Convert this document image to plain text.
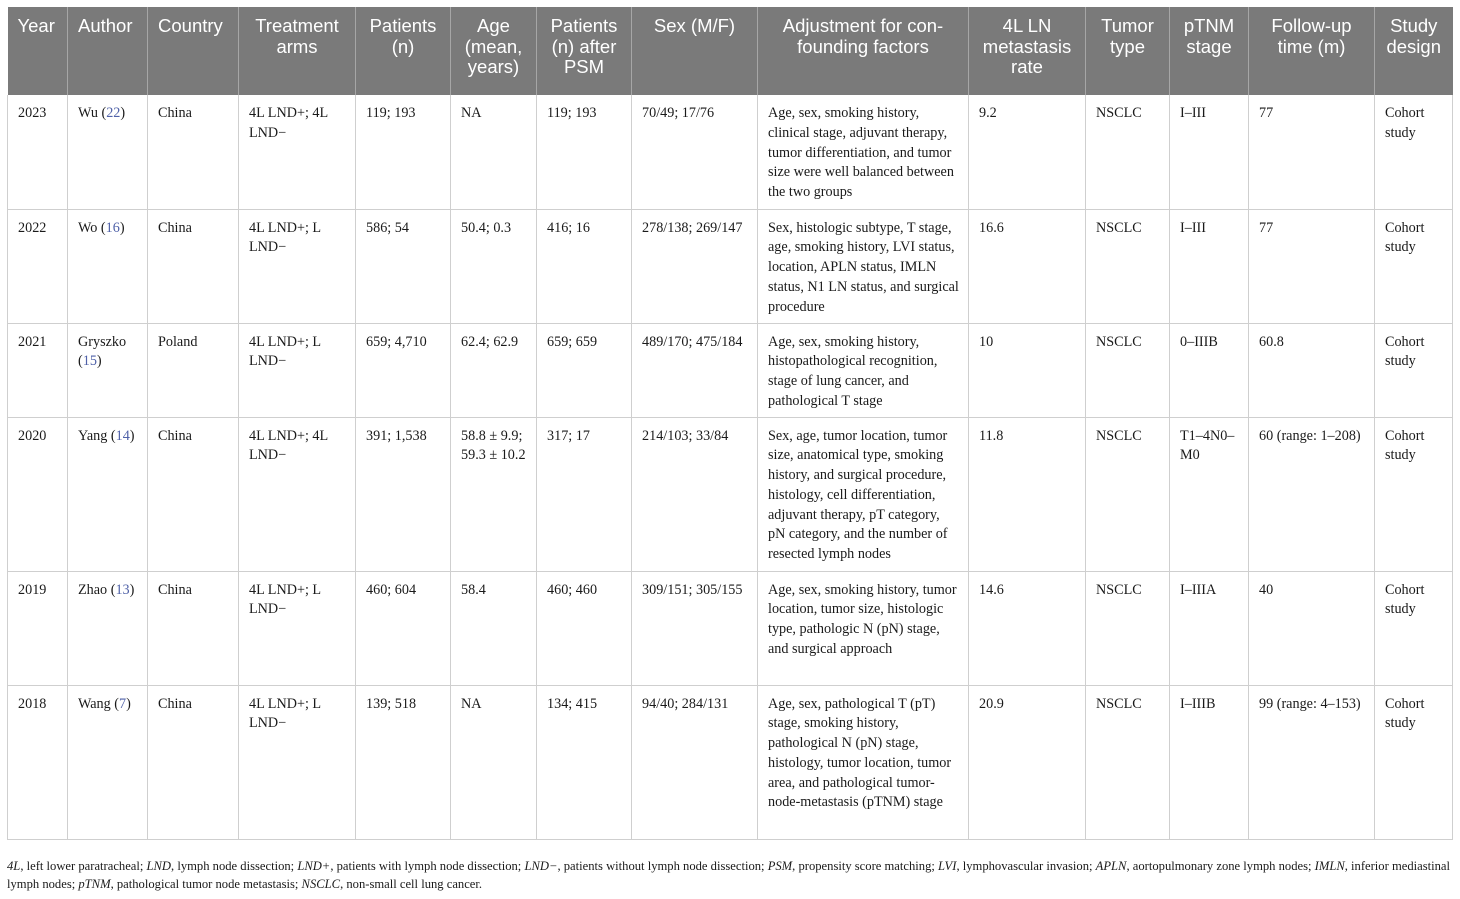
Year	Author	Country	Treatment arms	Patients (n)	Age (mean, years)	Patients (n) after PSM	Sex (M/F)	Adjustment for con-founding factors	4L LN metastasis rate	Tumor type	pTNM stage	Follow-up time (m)	Study design
2023	Wu (22)	China	4L LND+; 4L LND−	119; 193	NA	119; 193	70/49; 17/76	Age, sex, smoking history, clinical stage, adjuvant therapy, tumor differentiation, and tumor size were well balanced between the two groups	9.2	NSCLC	I–III	77	Cohort study
2022	Wo (16)	China	4L LND+; L LND−	586; 54	50.4; 0.3	416; 16	278/138; 269/147	Sex, histologic subtype, T stage, age, smoking history, LVI status, location, APLN status, IMLN status, N1 LN status, and surgical procedure	16.6	NSCLC	I–III	77	Cohort study
2021	Gryszko (15)	Poland	4L LND+; L LND−	659; 4,710	62.4; 62.9	659; 659	489/170; 475/184	Age, sex, smoking history, histopathological recognition, stage of lung cancer, and pathological T stage	10	NSCLC	0–IIIB	60.8	Cohort study
2020	Yang (14)	China	4L LND+; 4L LND−	391; 1,538	58.8 ± 9.9; 59.3 ± 10.2	317; 17	214/103; 33/84	Sex, age, tumor location, tumor size, anatomical type, smoking history, and surgical procedure, histology, cell differentiation, adjuvant therapy, pT category, pN category, and the number of resected lymph nodes	11.8	NSCLC	T1–4N0–M0	60 (range: 1–208)	Cohort study
2019	Zhao (13)	China	4L LND+; L LND−	460; 604	58.4	460; 460	309/151; 305/155	Age, sex, smoking history, tumor location, tumor size, histologic type, pathologic N (pN) stage, and surgical approach	14.6	NSCLC	I–IIIA	40	Cohort study
2018	Wang (7)	China	4L LND+; L LND−	139; 518	NA	134; 415	94/40; 284/131	Age, sex, pathological T (pT) stage, smoking history, pathological N (pN) stage, histology, tumor location, tumor area, and pathological tumor-node-metastasis (pTNM) stage	20.9	NSCLC	I–IIIB	99 (range: 4–153)	Cohort study
4L, left lower paratracheal; LND, lymph node dissection; LND+, patients with lymph node dissection; LND−, patients without lymph node dissection; PSM, propensity score matching; LVI, lymphovascular invasion; APLN, aortopulmonary zone lymph nodes; IMLN, inferior mediastinal lymph nodes; pTNM, pathological tumor node metastasis; NSCLC, non-small cell lung cancer.
